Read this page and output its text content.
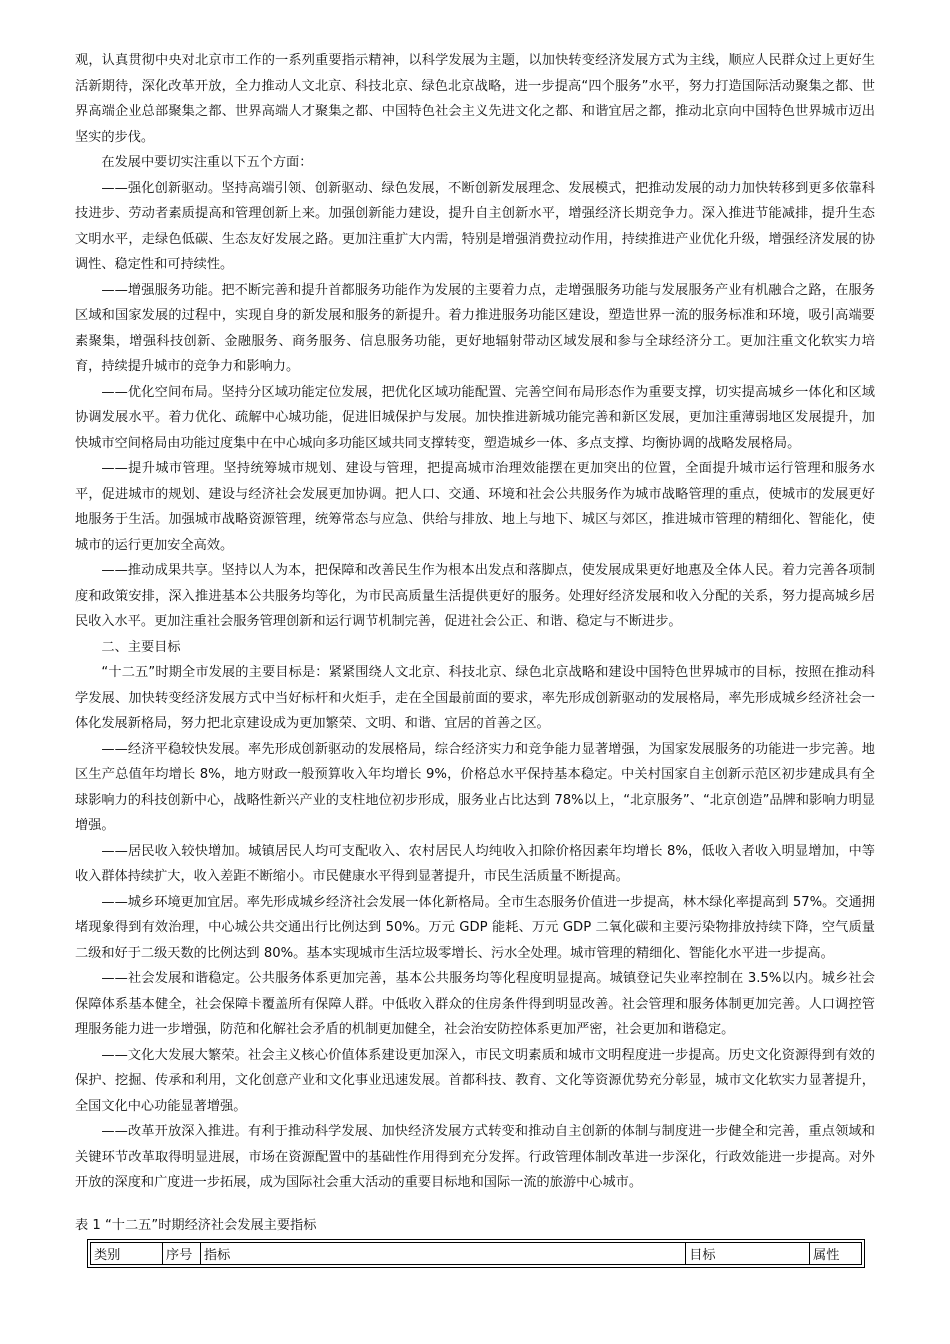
观，认真贯彻中央对北京市工作的一系列重要指示精神，以科学发展为主题，以加快转变经济发展方式为主线，顺应人民群众过上更好生活新期待，深化改革开放，全力推动人文北京、科技北京、绿色北京战略，进一步提高“四个服务”水平，努力打造国际活动聚集之都、世界高端企业总部聚集之都、世界高端人才聚集之都、中国特色社会主义先进文化之都、和谐宜居之都，推动北京向中国特色世界城市迈出坚实的步伐。

在发展中要切实注重以下五个方面：

——强化创新驱动。坚持高端引领、创新驱动、绿色发展，不断创新发展理念、发展模式，把推动发展的动力加快转移到更多依靠科技进步、劳动者素质提高和管理创新上来。加强创新能力建设，提升自主创新水平，增强经济长期竞争力。深入推进节能减排，提升生态文明水平，走绿色低碳、生态友好发展之路。更加注重扩大内需，特别是增强消费拉动作用，持续推进产业优化升级，增强经济发展的协调性、稳定性和可持续性。

——增强服务功能。把不断完善和提升首都服务功能作为发展的主要着力点，走增强服务功能与发展服务产业有机融合之路，在服务区域和国家发展的过程中，实现自身的新发展和服务的新提升。着力推进服务功能区建设，塑造世界一流的服务标准和环境，吸引高端要素聚集，增强科技创新、金融服务、商务服务、信息服务功能，更好地辐射带动区域发展和参与全球经济分工。更加注重文化软实力培育，持续提升城市的竞争力和影响力。

——优化空间布局。坚持分区域功能定位发展，把优化区域功能配置、完善空间布局形态作为重要支撑，切实提高城乡一体化和区域协调发展水平。着力优化、疏解中心城功能，促进旧城保护与发展。加快推进新城功能完善和新区发展，更加注重薄弱地区发展提升，加快城市空间格局由功能过度集中在中心城向多功能区域共同支撑转变，塑造城乡一体、多点支撑、均衡协调的战略发展格局。

——提升城市管理。坚持统筹城市规划、建设与管理，把提高城市治理效能摆在更加突出的位置，全面提升城市运行管理和服务水平，促进城市的规划、建设与经济社会发展更加协调。把人口、交通、环境和社会公共服务作为城市战略管理的重点，使城市的发展更好地服务于生活。加强城市战略资源管理，统筹常态与应急、供给与排放、地上与地下、城区与郊区，推进城市管理的精细化、智能化，使城市的运行更加安全高效。

——推动成果共享。坚持以人为本，把保障和改善民生作为根本出发点和落脚点，使发展成果更好地惠及全体人民。着力完善各项制度和政策安排，深入推进基本公共服务均等化，为市民高质量生活提供更好的服务。处理好经济发展和收入分配的关系，努力提高城乡居民收入水平。更加注重社会服务管理创新和运行调节机制完善，促进社会公正、和谐、稳定与不断进步。

二、主要目标

“十二五”时期全市发展的主要目标是：紧紧围绕人文北京、科技北京、绿色北京战略和建设中国特色世界城市的目标，按照在推动科学发展、加快转变经济发展方式中当好标杆和火炬手，走在全国最前面的要求，率先形成创新驱动的发展格局，率先形成城乡经济社会一体化发展新格局，努力把北京建设成为更加繁荣、文明、和谐、宜居的首善之区。

——经济平稳较快发展。率先形成创新驱动的发展格局，综合经济实力和竞争能力显著增强，为国家发展服务的功能进一步完善。地区生产总值年均增长 8%，地方财政一般预算收入年均增长 9%，价格总水平保持基本稳定。中关村国家自主创新示范区初步建成具有全球影响力的科技创新中心，战略性新兴产业的支柱地位初步形成，服务业占比达到 78%以上，“北京服务”、“北京创造”品牌和影响力明显增强。

——居民收入较快增加。城镇居民人均可支配收入、农村居民人均纯收入扣除价格因素年均增长 8%，低收入者收入明显增加，中等收入群体持续扩大，收入差距不断缩小。市民健康水平得到显著提升，市民生活质量不断提高。

——城乡环境更加宜居。率先形成城乡经济社会发展一体化新格局。全市生态服务价值进一步提高，林木绿化率提高到 57%。交通拥堵现象得到有效治理，中心城公共交通出行比例达到 50%。万元 GDP 能耗、万元 GDP 二氧化碳和主要污染物排放持续下降，空气质量二级和好于二级天数的比例达到 80%。基本实现城市生活垃圾零增长、污水全处理。城市管理的精细化、智能化水平进一步提高。

——社会发展和谐稳定。公共服务体系更加完善，基本公共服务均等化程度明显提高。城镇登记失业率控制在 3.5%以内。城乡社会保障体系基本健全，社会保障卡覆盖所有保障人群。中低收入群众的住房条件得到明显改善。社会管理和服务体制更加完善。人口调控管理服务能力进一步增强，防范和化解社会矛盾的机制更加健全，社会治安防控体系更加严密，社会更加和谐稳定。

——文化大发展大繁荣。社会主义核心价值体系建设更加深入，市民文明素质和城市文明程度进一步提高。历史文化资源得到有效的保护、挖掘、传承和利用，文化创意产业和文化事业迅速发展。首都科技、教育、文化等资源优势充分彰显，城市文化软实力显著提升，全国文化中心功能显著增强。

——改革开放深入推进。有利于推动科学发展、加快经济发展方式转变和推动自主创新的体制与制度进一步健全和完善，重点领域和关键环节改革取得明显进展，市场在资源配置中的基础性作用得到充分发挥。行政管理体制改革进一步深化，行政效能进一步提高。对外开放的深度和广度进一步拓展，成为国际社会重大活动的重要目标地和国际一流的旅游中心城市。

表 1 “十二五”时期经济社会发展主要指标
类别	序号	指标	目标	属性
